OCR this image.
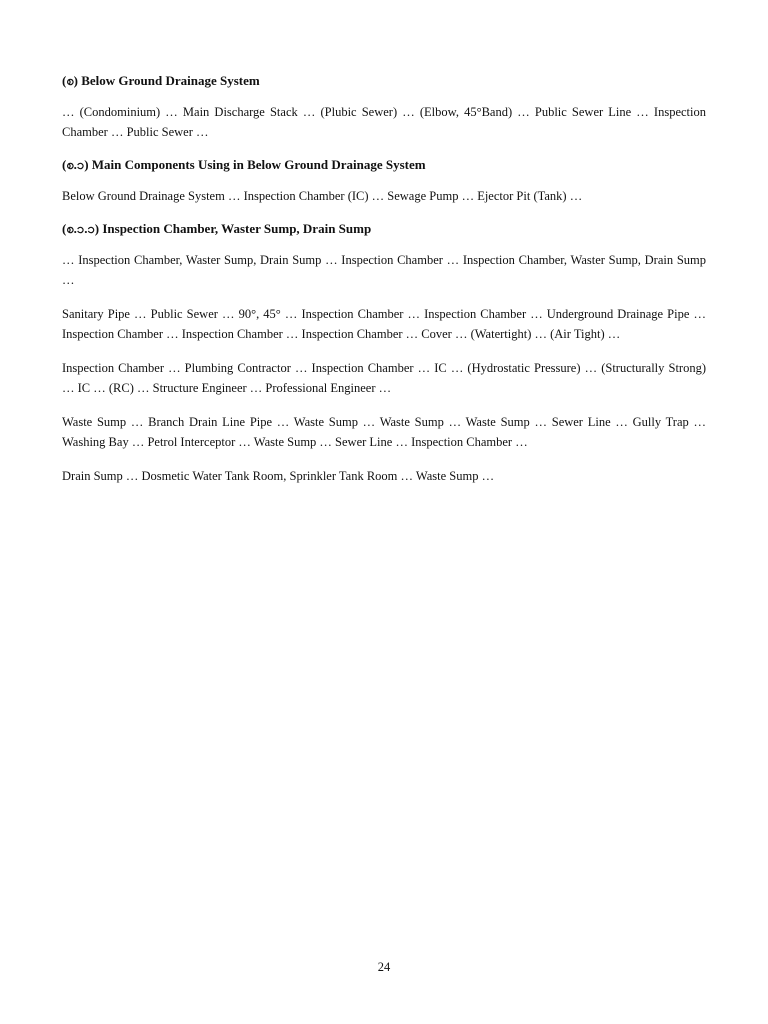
(စ) Below Ground Drainage System
… (Condominium) … Main Discharge Stack … (Plubic Sewer) … (Elbow, 45°Band) … Public Sewer Line … Inspection Chamber … Public Sewer …
(စ.၁) Main Components Using in Below Ground Drainage System
Below Ground Drainage System … Inspection Chamber (IC) … Sewage Pump … Ejector Pit (Tank) …
(စ.၁.၁) Inspection Chamber, Waster Sump, Drain Sump
… Inspection Chamber, Waster Sump, Drain Sump … Inspection Chamber … Inspection Chamber, Waster Sump, Drain Sump …
Sanitary Pipe … Public Sewer … 90°, 45° … Inspection Chamber … Inspection Chamber … Underground Drainage Pipe … Inspection Chamber … Inspection Chamber … Inspection Chamber … Cover … (Watertight) … (Air Tight) …
Inspection Chamber … Plumbing Contractor … Inspection Chamber … IC … (Hydrostatic Pressure) … (Structurally Strong) … IC … (RC) … Structure Engineer … Professional Engineer …
Waste Sump … Branch Drain Line Pipe … Waste Sump … Waste Sump … Waste Sump … Sewer Line … Gully Trap … Washing Bay … Petrol Interceptor … Waste Sump … Sewer Line … Inspection Chamber …
Drain Sump … Dosmetic Water Tank Room, Sprinkler Tank Room … Waste Sump …
24
